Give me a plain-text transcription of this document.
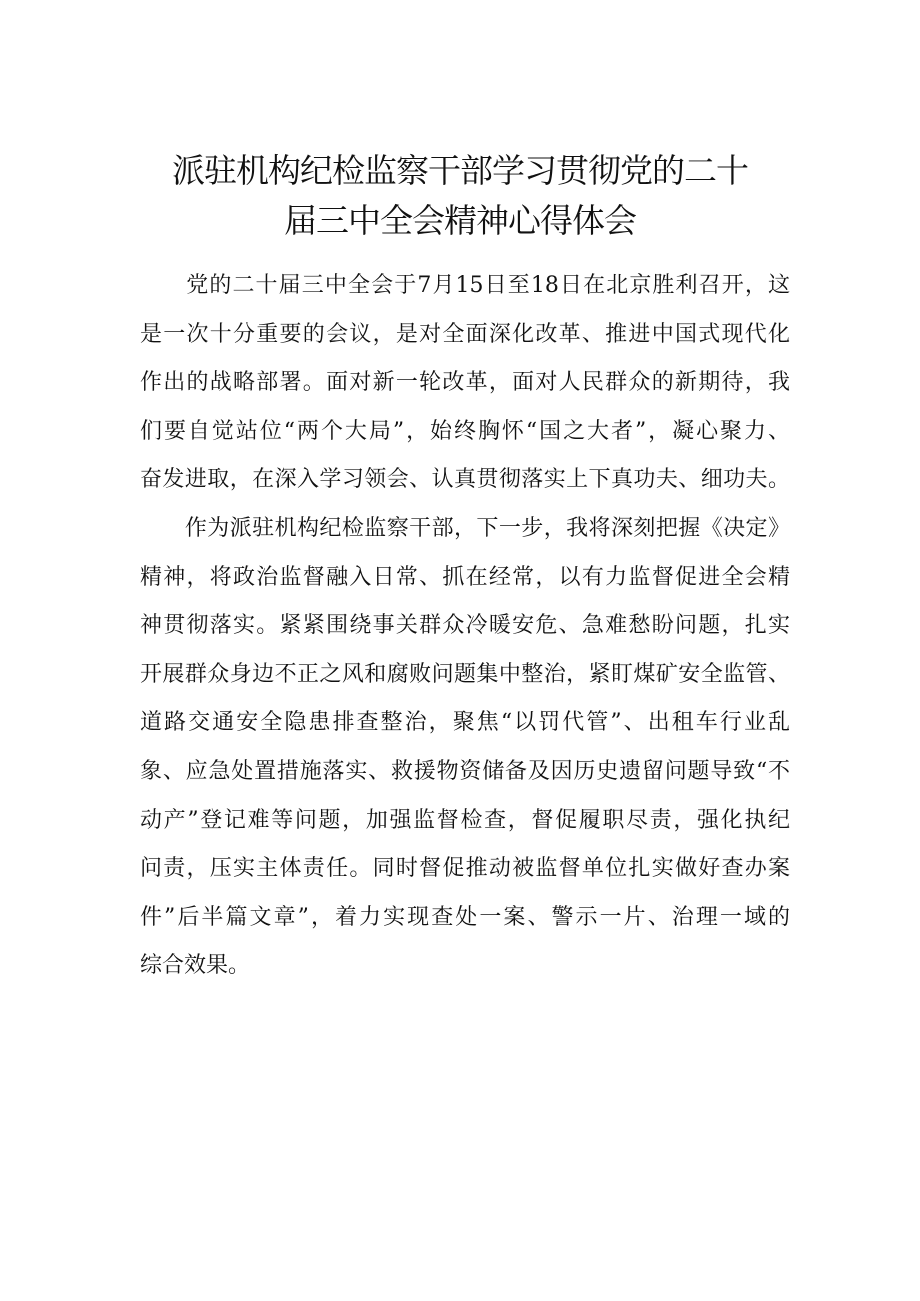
派驻机构纪检监察干部学习贯彻党的二十
届三中全会精神心得体会
　　党的二十届三中全会于7月15日至18日在北京胜利召开，这
是一次十分重要的会议，是对全面深化改革、推进中国式现代化
作出的战略部署。面对新一轮改革，面对人民群众的新期待，我
们要自觉站位“两个大局”，始终胸怀“国之大者”，凝心聚力、
奋发进取，在深入学习领会、认真贯彻落实上下真功夫、细功夫。
　　作为派驻机构纪检监察干部，下一步，我将深刻把握《决定》
精神，将政治监督融入日常、抓在经常，以有力监督促进全会精
神贯彻落实。紧紧围绕事关群众冷暖安危、急难愁盼问题，扎实
开展群众身边不正之风和腐败问题集中整治，紧盯煤矿安全监管、
道路交通安全隐患排查整治，聚焦“以罚代管”、出租车行业乱
象、应急处置措施落实、救援物资储备及因历史遗留问题导致“不
动产”登记难等问题，加强监督检查，督促履职尽责，强化执纪
问责，压实主体责任。同时督促推动被监督单位扎实做好查办案
件”后半篇文章”，着力实现查处一案、警示一片、治理一域的
综合效果。
